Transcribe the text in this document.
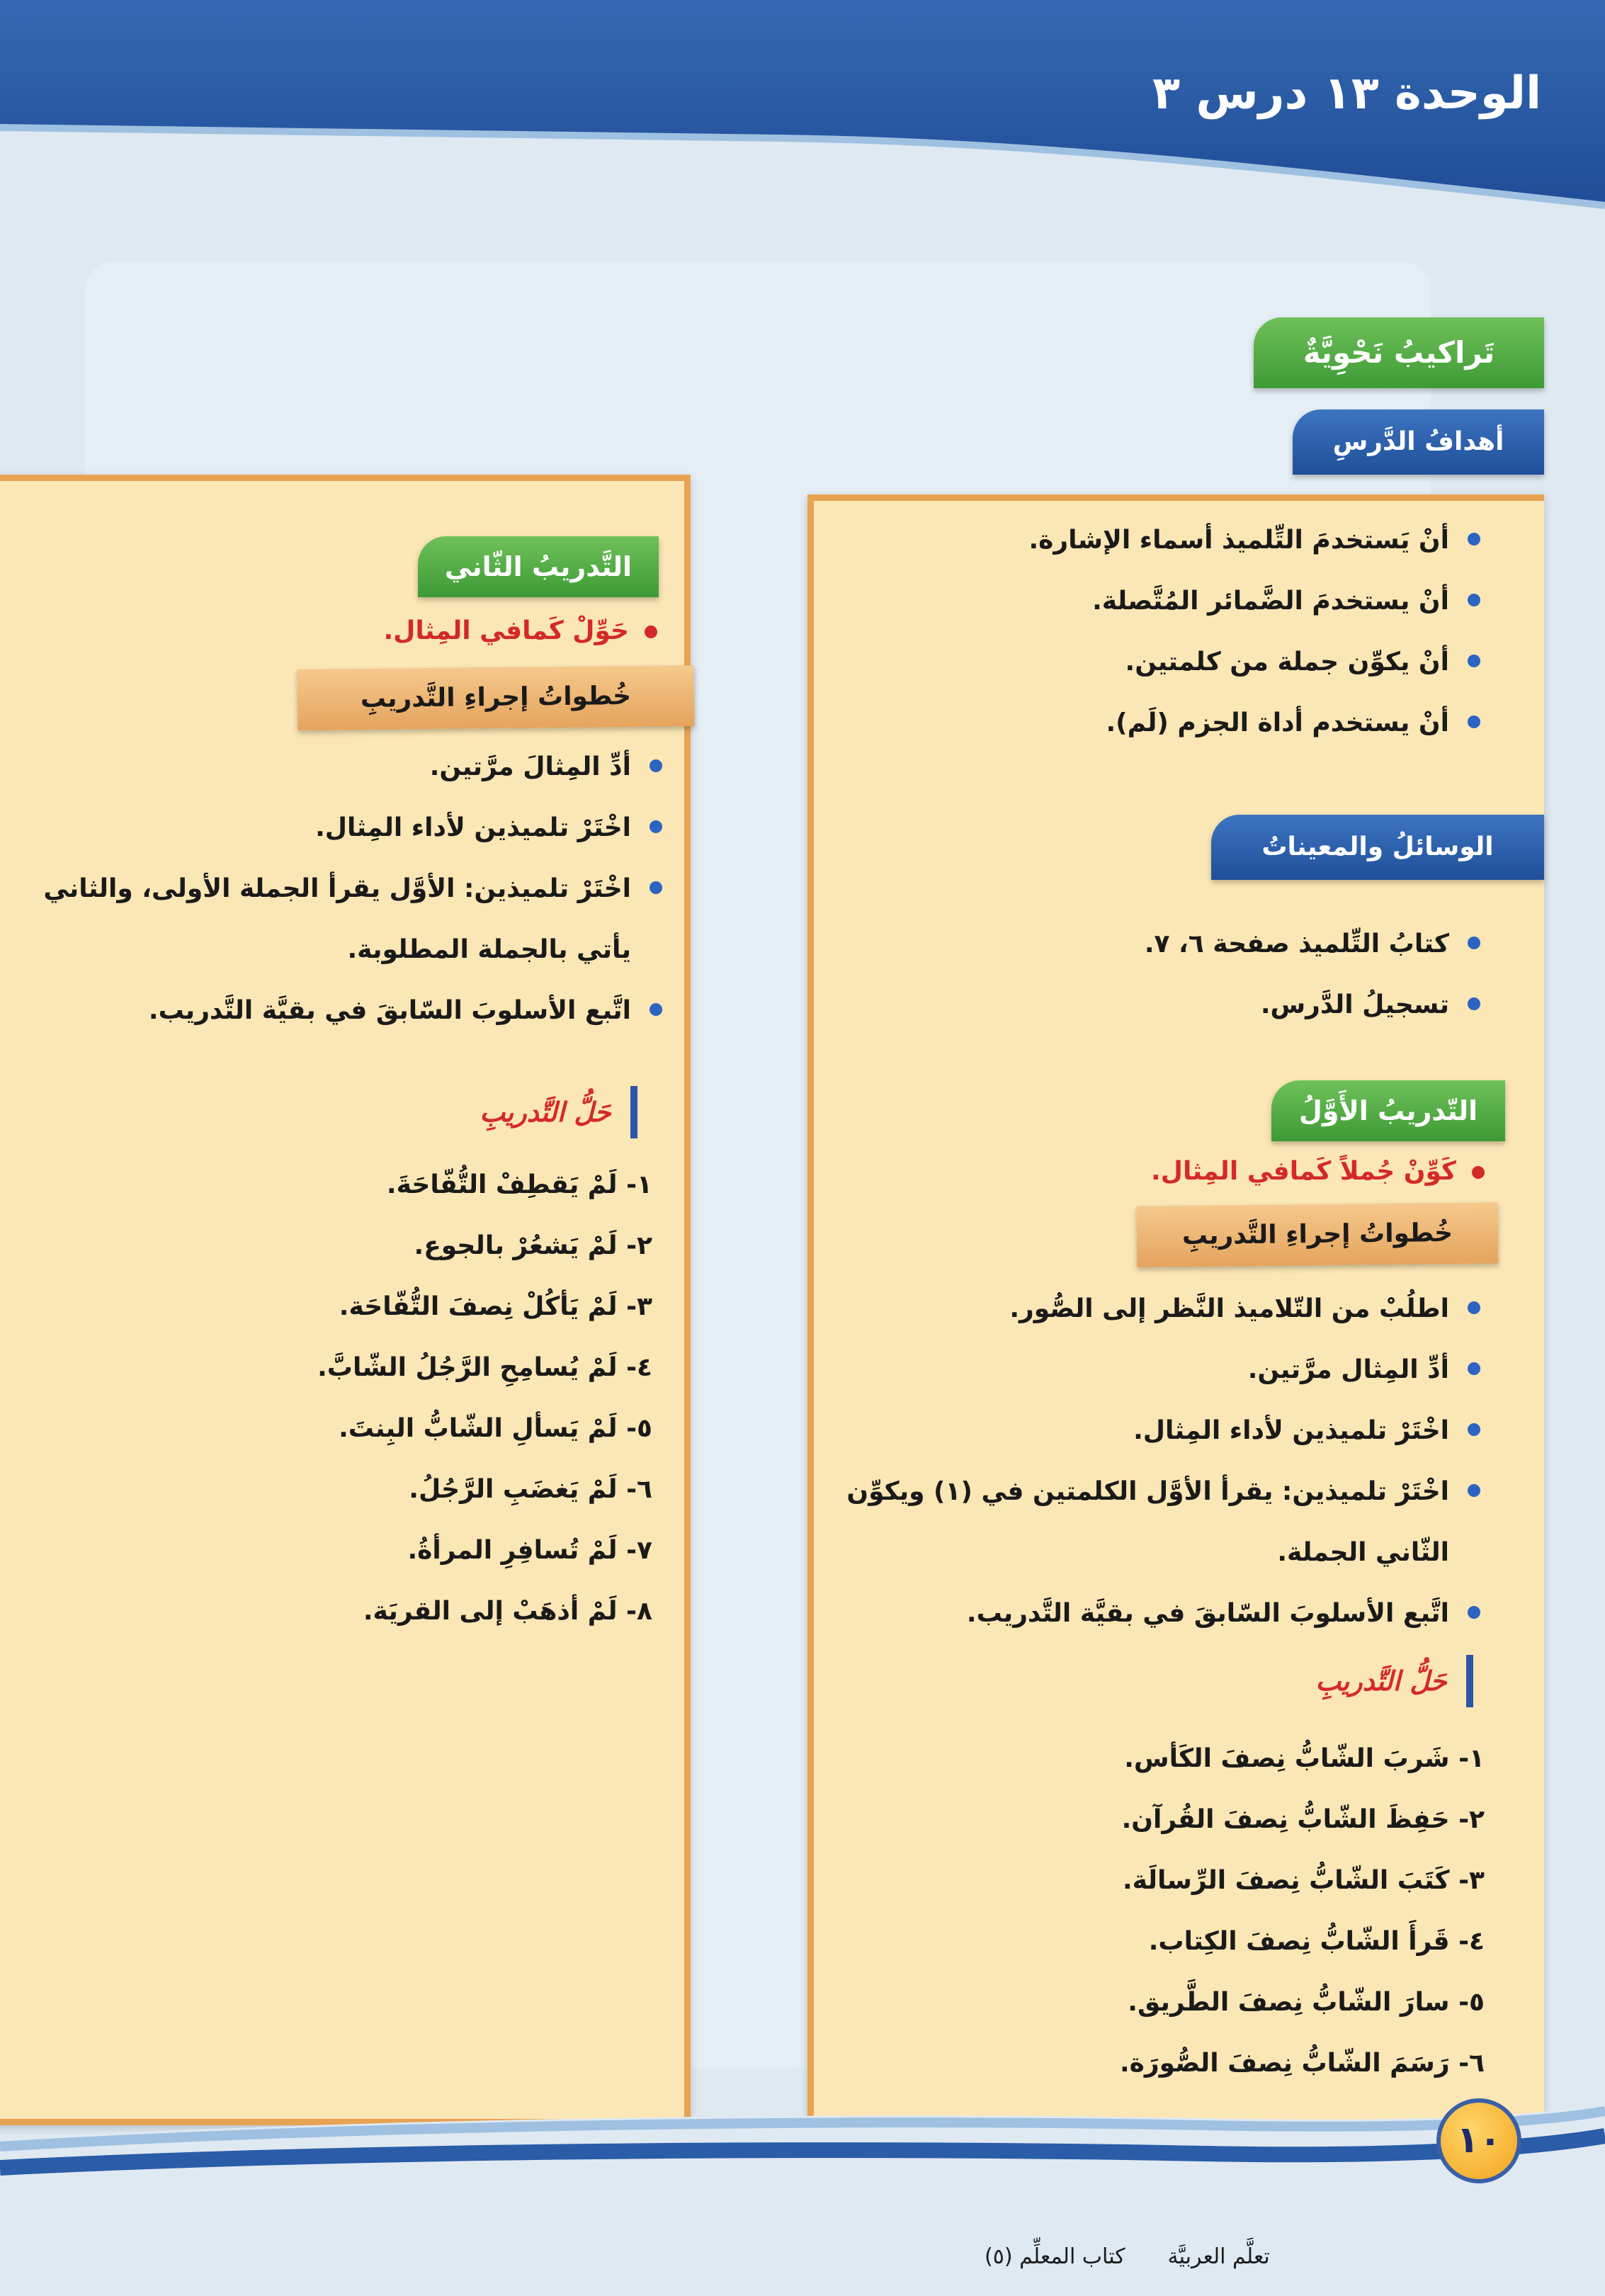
الوحدة ١٣ درس ٣
تَراكيبُ نَحْوِيَّةٌ
أهدافُ الدَّرسِ
أنْ يَستخدمَ التِّلميذ أسماء الإشارة.
أنْ يستخدمَ الضَّمائر المُتَّصلة.
أنْ يكوِّن جملة من كلمتين.
أنْ يستخدم أداة الجزم (لَم).
الوسائلُ والمعيناتُ
كتابُ التِّلميذ صفحة ٦، ٧.
تسجيلُ الدَّرس.
التّدريبُ الأَوَّلُ
كَوِّنْ جُملاً كَمافي المِثال.
خُطواتُ إجراءِ التَّدريبِ
اطلُبْ من التّلاميذ النَّظر إلى الصُّور.
أدِّ المِثال مرَّتين.
اخْتَرْ تلميذين لأداء المِثال.
اخْتَرْ تلميذين: يقرأ الأوَّل الكلمتين في (١) ويكوِّن الثّاني الجملة.
اتَّبع الأسلوبَ السّابقَ في بقيَّة التَّدريب.
حَلُّ التَّدريبِ
١- شَربَ الشّابُّ نِصفَ الكَأس.
٢- حَفِظَ الشّابُّ نِصفَ القُرآن.
٣- كَتَبَ الشّابُّ نِصفَ الرِّسالَة.
٤- قَرأَ الشّابُّ نِصفَ الكِتاب.
٥- سارَ الشّابُّ نِصفَ الطَّريق.
٦- رَسَمَ الشّابُّ نِصفَ الصُّورَة.
التَّدريبُ الثّاني
حَوِّلْ كَمافي المِثال.
خُطواتُ إجراءِ التَّدريبِ
أدِّ المِثالَ مرَّتين.
اخْتَرْ تلميذين لأداء المِثال.
اخْتَرْ تلميذين: الأوَّل يقرأ الجملة الأولى، والثاني يأتي بالجملة المطلوبة.
اتَّبع الأسلوبَ السّابقَ في بقيَّة التَّدريب.
حَلُّ التَّدريبِ
١- لَمْ يَقطِفْ التُّفّاحَةَ.
٢- لَمْ يَشعُرْ بالجوع.
٣- لَمْ يَأكُلْ نِصفَ التُّفّاحَة.
٤- لَمْ يُسامِحِ الرَّجُلُ الشّابَّ.
٥- لَمْ يَسألِ الشّابُّ البِنتَ.
٦- لَمْ يَغضَبِ الرَّجُلُ.
٧- لَمْ تُسافِرِ المرأةُ.
٨- لَمْ أذهَبْ إلى القريَة.
١٠
تعلَّم العربيَّةكتاب المعلِّم (٥)
